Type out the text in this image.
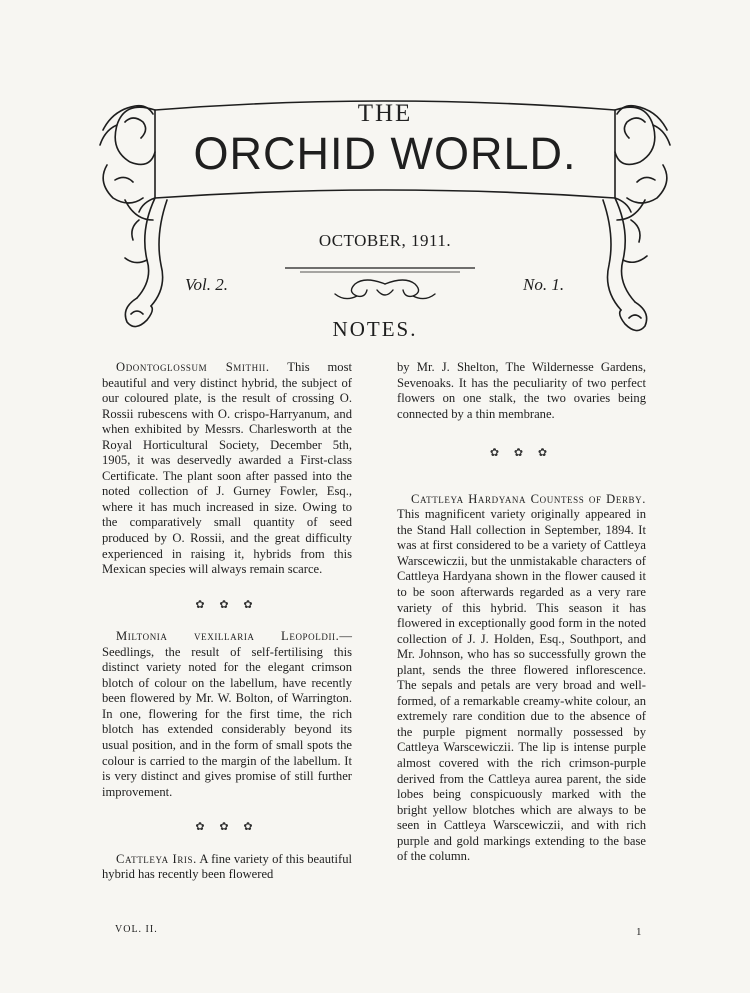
THE
ORCHID WORLD.
OCTOBER, 1911.
Vol. 2.	No. 1.
NOTES.

Odontoglossum Smithii. This most beautiful and very distinct hybrid, the subject of our coloured plate, is the result of crossing O. Rossii rubescens with O. crispo-Harryanum, and when exhibited by Messrs. Charlesworth at the Royal Horticultural Society, December 5th, 1905, it was deservedly awarded a First-class Certificate. The plant soon after passed into the noted collection of J. Gurney Fowler, Esq., where it has much increased in size. Owing to the comparatively small quantity of seed produced by O. Rossii, and the great difficulty experienced in raising it, hybrids from this Mexican species will always remain scarce.

✿ ✿ ✿

Miltonia vexillaria Leopoldii.—Seedlings, the result of self-fertilising this distinct variety noted for the elegant crimson blotch of colour on the labellum, have recently been flowered by Mr. W. Bolton, of Warrington. In one, flowering for the first time, the rich blotch has extended considerably beyond its usual position, and in the form of small spots the colour is carried to the margin of the labellum. It is very distinct and gives promise of still further improvement.

✿ ✿ ✿

Cattleya Iris. A fine variety of this beautiful hybrid has recently been flowered

by Mr. J. Shelton, The Wildernesse Gardens, Sevenoaks. It has the peculiarity of two perfect flowers on one stalk, the two ovaries being connected by a thin membrane.

✿ ✿ ✿

Cattleya Hardyana Countess of Derby. This magnificent variety originally appeared in the Stand Hall collection in September, 1894. It was at first considered to be a variety of Cattleya Warscewiczii, but the unmistakable characters of Cattleya Hardyana shown in the flower caused it to be soon afterwards regarded as a very rare variety of this hybrid. This season it has flowered in exceptionally good form in the noted collection of J. J. Holden, Esq., Southport, and Mr. Johnson, who has so successfully grown the plant, sends the three flowered inflorescence. The sepals and petals are very broad and well-formed, of a remarkable creamy-white colour, an extremely rare condition due to the absence of the purple pigment normally possessed by Cattleya Warscewiczii. The lip is intense purple almost covered with the rich crimson-purple derived from the Cattleya aurea parent, the side lobes being conspicuously marked with the bright yellow blotches which are always to be seen in Cattleya Warscewiczii, and with rich purple and gold markings extending to the base of the column.

VOL. II.	1
